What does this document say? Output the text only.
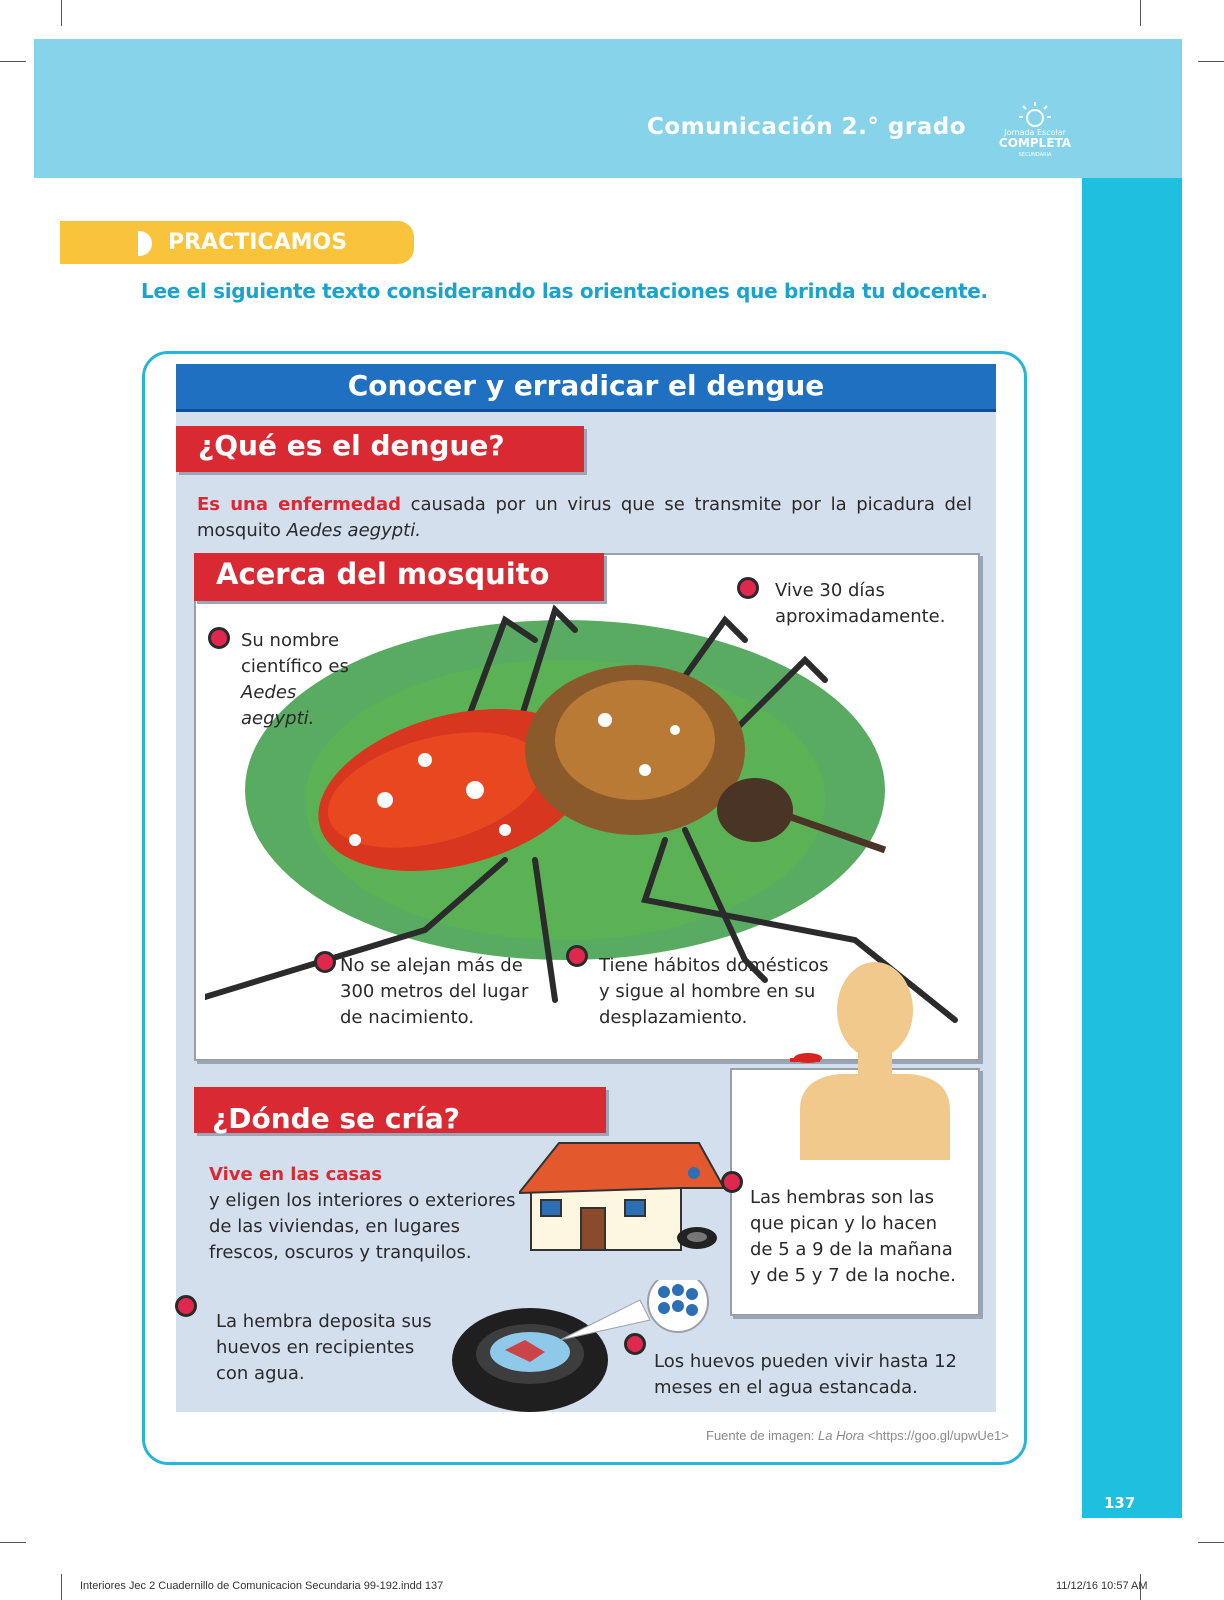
Comunicación 2.° grado	Jornada Escolar
COMPLETA
SECUNDARIA
PRACTICAMOS
Lee el siguiente texto considerando las orientaciones que brinda tu docente.
Conocer y erradicar el dengue
¿Qué es el dengue?
Es una enfermedad causada por un virus que se transmite por la picadura del mosquito Aedes aegypti.
Acerca del mosquito
Su nombre científico es
Aedes aegypti.
Vive 30 días aproximadamente.
No se alejan más de 300 metros del lugar de nacimiento.
Tiene hábitos domésticos y sigue al hombre en su desplazamiento.
¿Dónde se cría?
Vive en las casas
y eligen los interiores o exteriores de las viviendas, en lugares frescos, oscuros y tranquilos.
Las hembras son las que pican y lo hacen de 5 a 9 de la mañana y de 5 y 7 de la noche.
La hembra deposita sus huevos en recipientes con agua.
Los huevos pueden vivir hasta 12 meses en el agua estancada.
Fuente de imagen: La Hora <https://goo.gl/upwUe1>
137
Interiores Jec 2 Cuadernillo de Comunicacion Secundaria 99-192.indd 137	11/12/16 10:57 AM
